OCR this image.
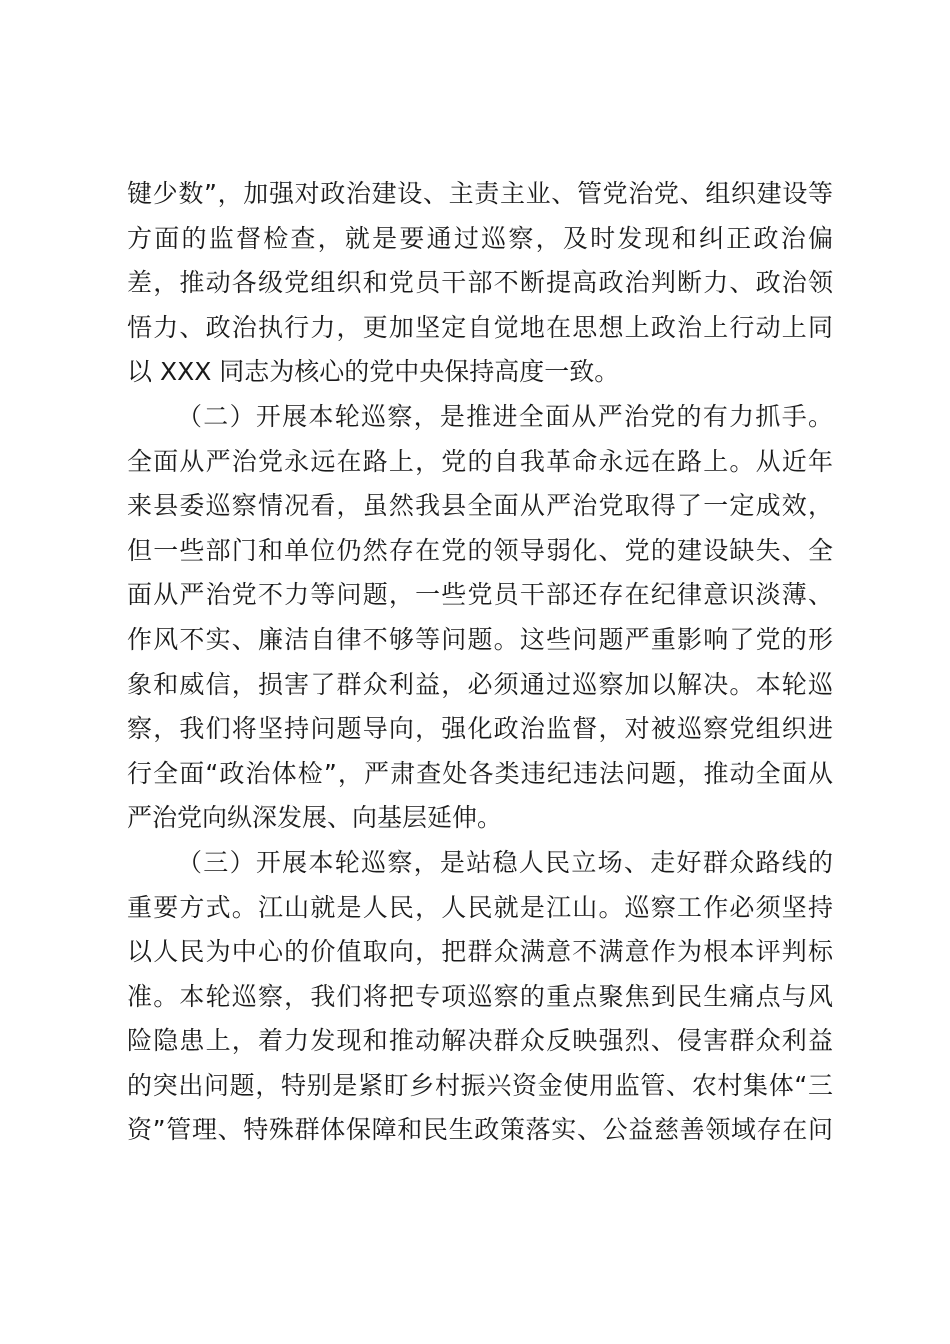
键少数”，加强对政治建设、主责主业、管党治党、组织建设等
方面的监督检查，就是要通过巡察，及时发现和纠正政治偏
差，推动各级党组织和党员干部不断提高政治判断力、政治领
悟力、政治执行力，更加坚定自觉地在思想上政治上行动上同
以 XXX 同志为核心的党中央保持高度一致。
（二）开展本轮巡察，是推进全面从严治党的有力抓手。
全面从严治党永远在路上，党的自我革命永远在路上。从近年
来县委巡察情况看，虽然我县全面从严治党取得了一定成效，
但一些部门和单位仍然存在党的领导弱化、党的建设缺失、全
面从严治党不力等问题，一些党员干部还存在纪律意识淡薄、
作风不实、廉洁自律不够等问题。这些问题严重影响了党的形
象和威信，损害了群众利益，必须通过巡察加以解决。本轮巡
察，我们将坚持问题导向，强化政治监督，对被巡察党组织进
行全面“政治体检”，严肃查处各类违纪违法问题，推动全面从
严治党向纵深发展、向基层延伸。
（三）开展本轮巡察，是站稳人民立场、走好群众路线的
重要方式。江山就是人民，人民就是江山。巡察工作必须坚持
以人民为中心的价值取向，把群众满意不满意作为根本评判标
准。本轮巡察，我们将把专项巡察的重点聚焦到民生痛点与风
险隐患上，着力发现和推动解决群众反映强烈、侵害群众利益
的突出问题，特别是紧盯乡村振兴资金使用监管、农村集体“三
资”管理、特殊群体保障和民生政策落实、公益慈善领域存在问
